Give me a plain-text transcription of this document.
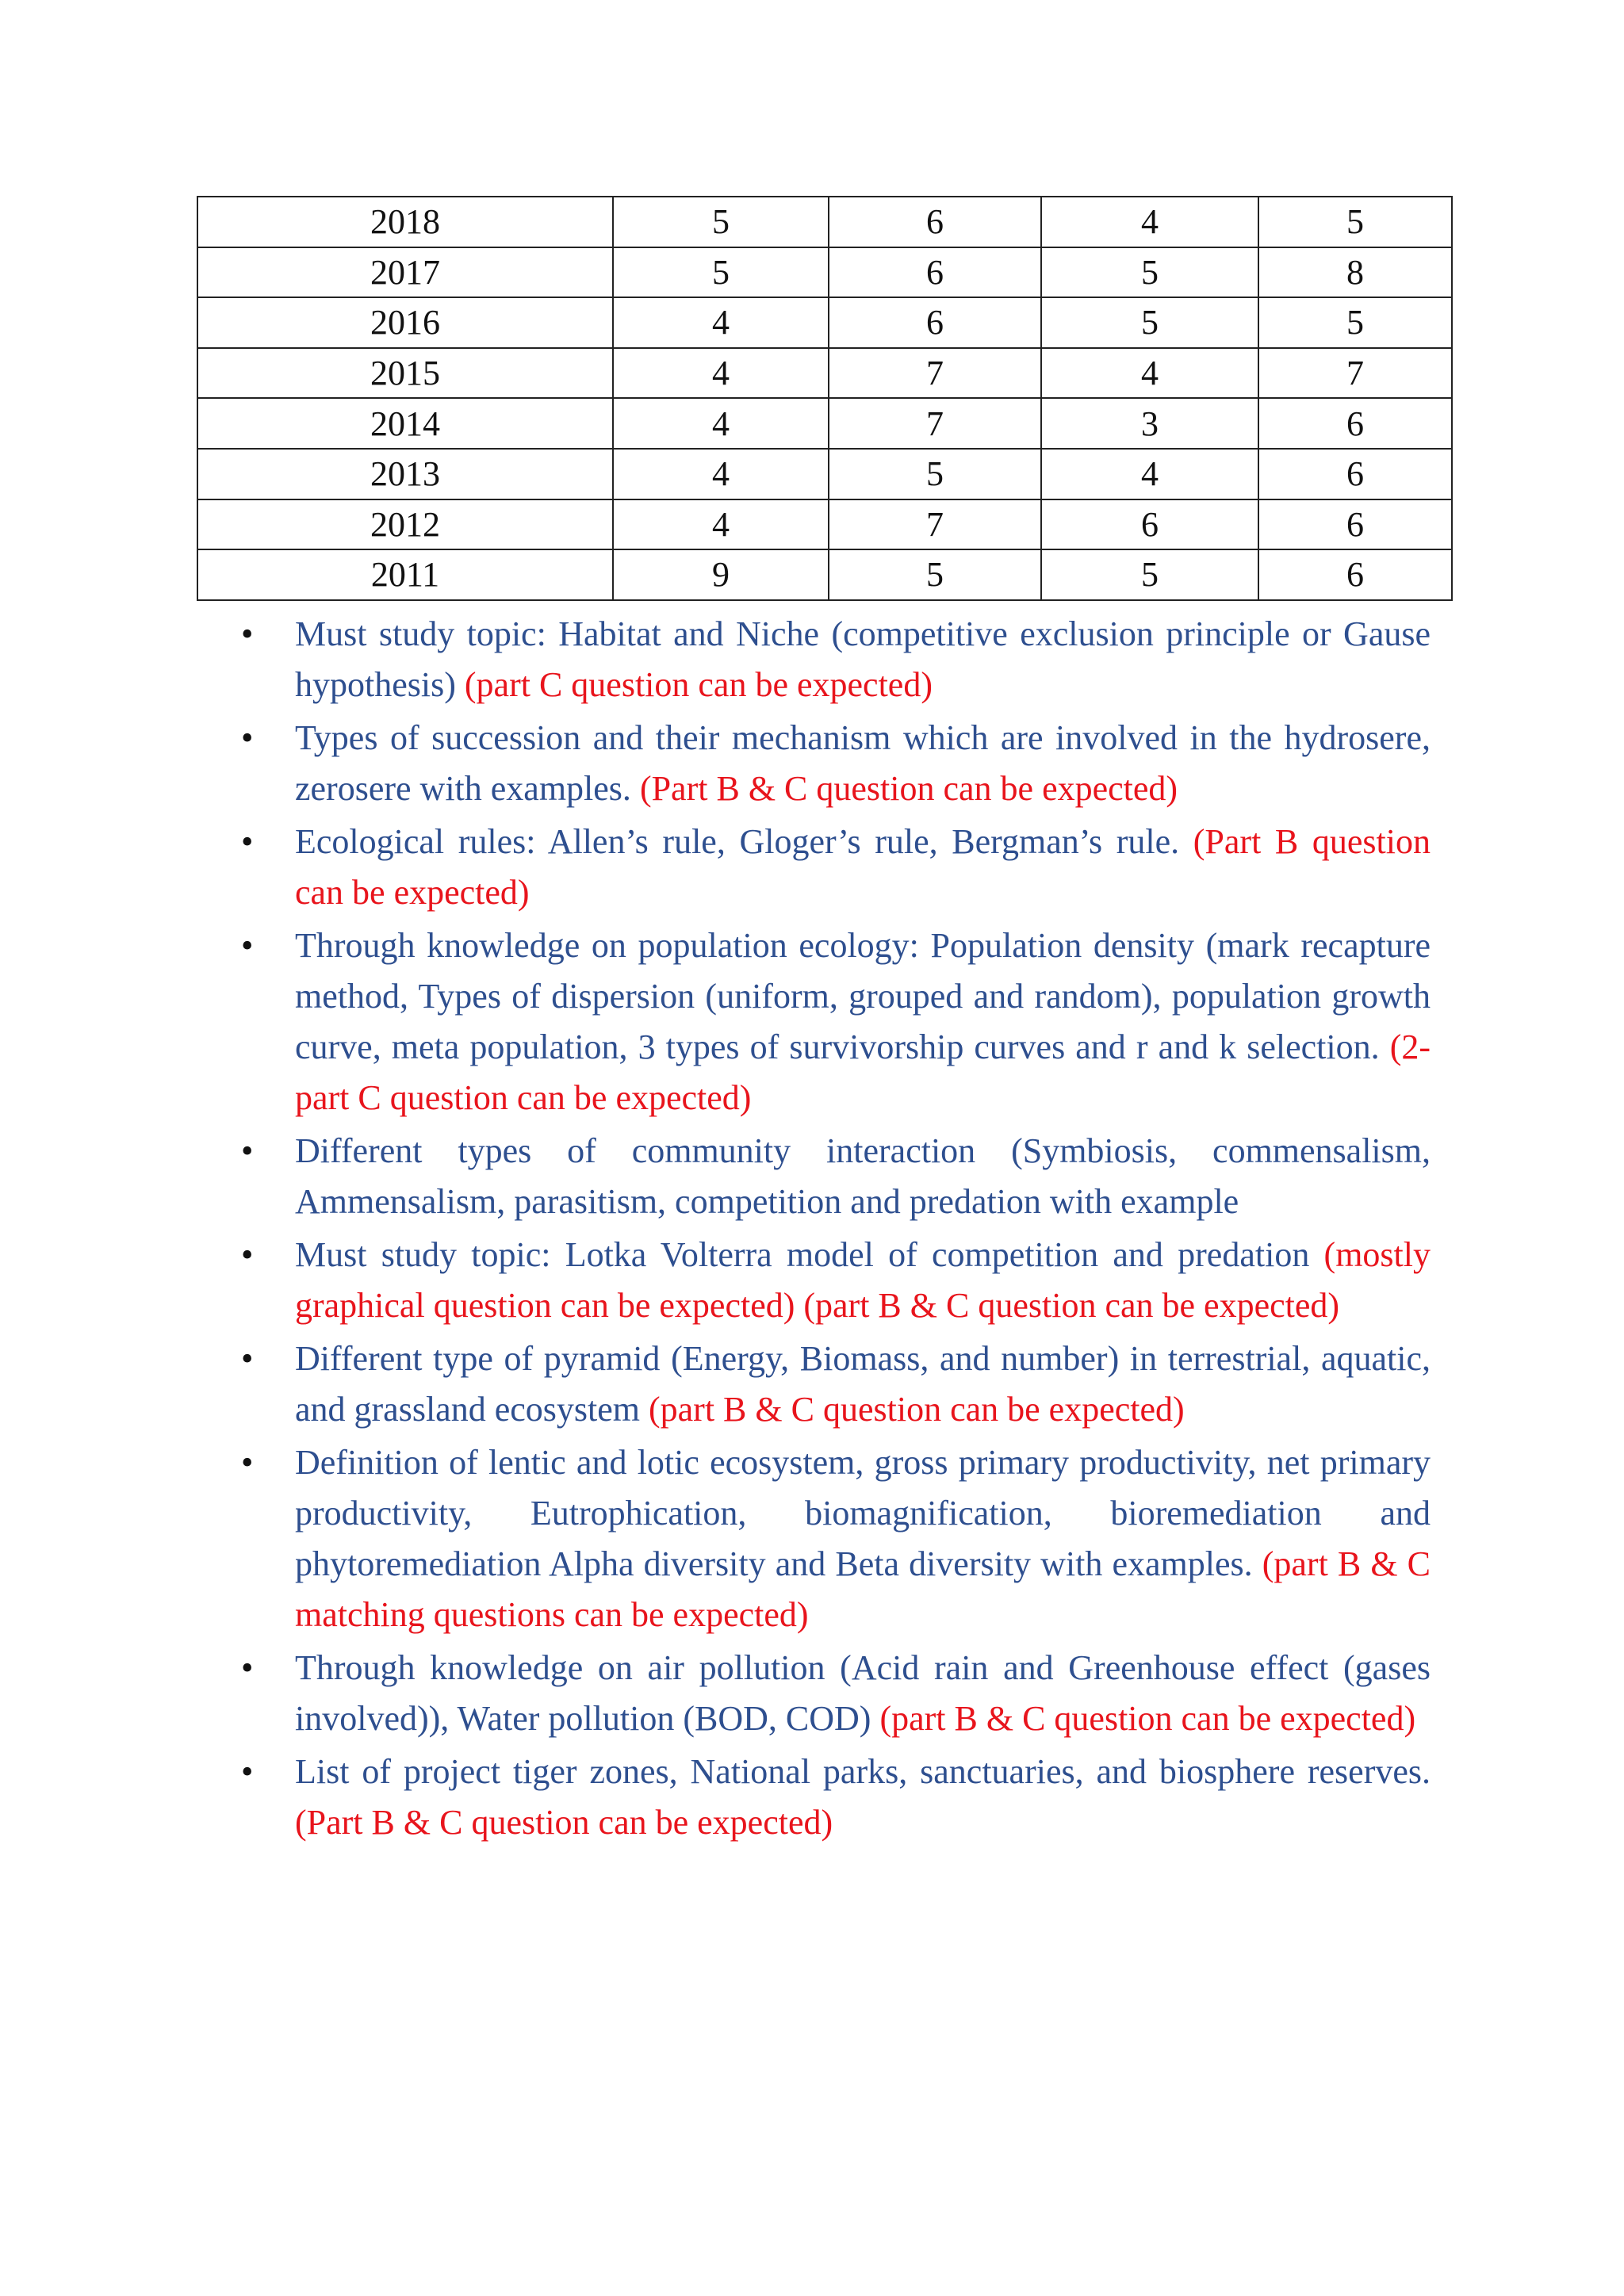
2018	5	6	4	5
2017	5	6	5	8
2016	4	6	5	5
2015	4	7	4	7
2014	4	7	3	6
2013	4	5	4	6
2012	4	7	6	6
2011	9	5	5	6
• Must study topic: Habitat and Niche (competitive exclusion principle or Gause hypothesis) (part C question can be expected)
• Types of succession and their mechanism which are involved in the hydrosere, zerosere with examples. (Part B & C question can be expected)
• Ecological rules: Allen’s rule, Gloger’s rule, Bergman’s rule. (Part B question can be expected)
• Through knowledge on population ecology: Population density (mark recapture method, Types of dispersion (uniform, grouped and random), population growth curve, meta population, 3 types of survivorship curves and r and k selection. (2-part C question can be expected)
• Different types of community interaction (Symbiosis, commensalism, Ammensalism, parasitism, competition and predation with example
• Must study topic: Lotka Volterra model of competition and predation (mostly graphical question can be expected) (part B & C question can be expected)
• Different type of pyramid (Energy, Biomass, and number) in terrestrial, aquatic, and grassland ecosystem (part B & C question can be expected)
• Definition of lentic and lotic ecosystem, gross primary productivity, net primary productivity, Eutrophication, biomagnification, bioremediation and phytoremediation Alpha diversity and Beta diversity with examples. (part B & C matching questions can be expected)
• Through knowledge on air pollution (Acid rain and Greenhouse effect (gases involved)), Water pollution (BOD, COD) (part B & C question can be expected)
• List of project tiger zones, National parks, sanctuaries, and biosphere reserves. (Part B & C question can be expected)
